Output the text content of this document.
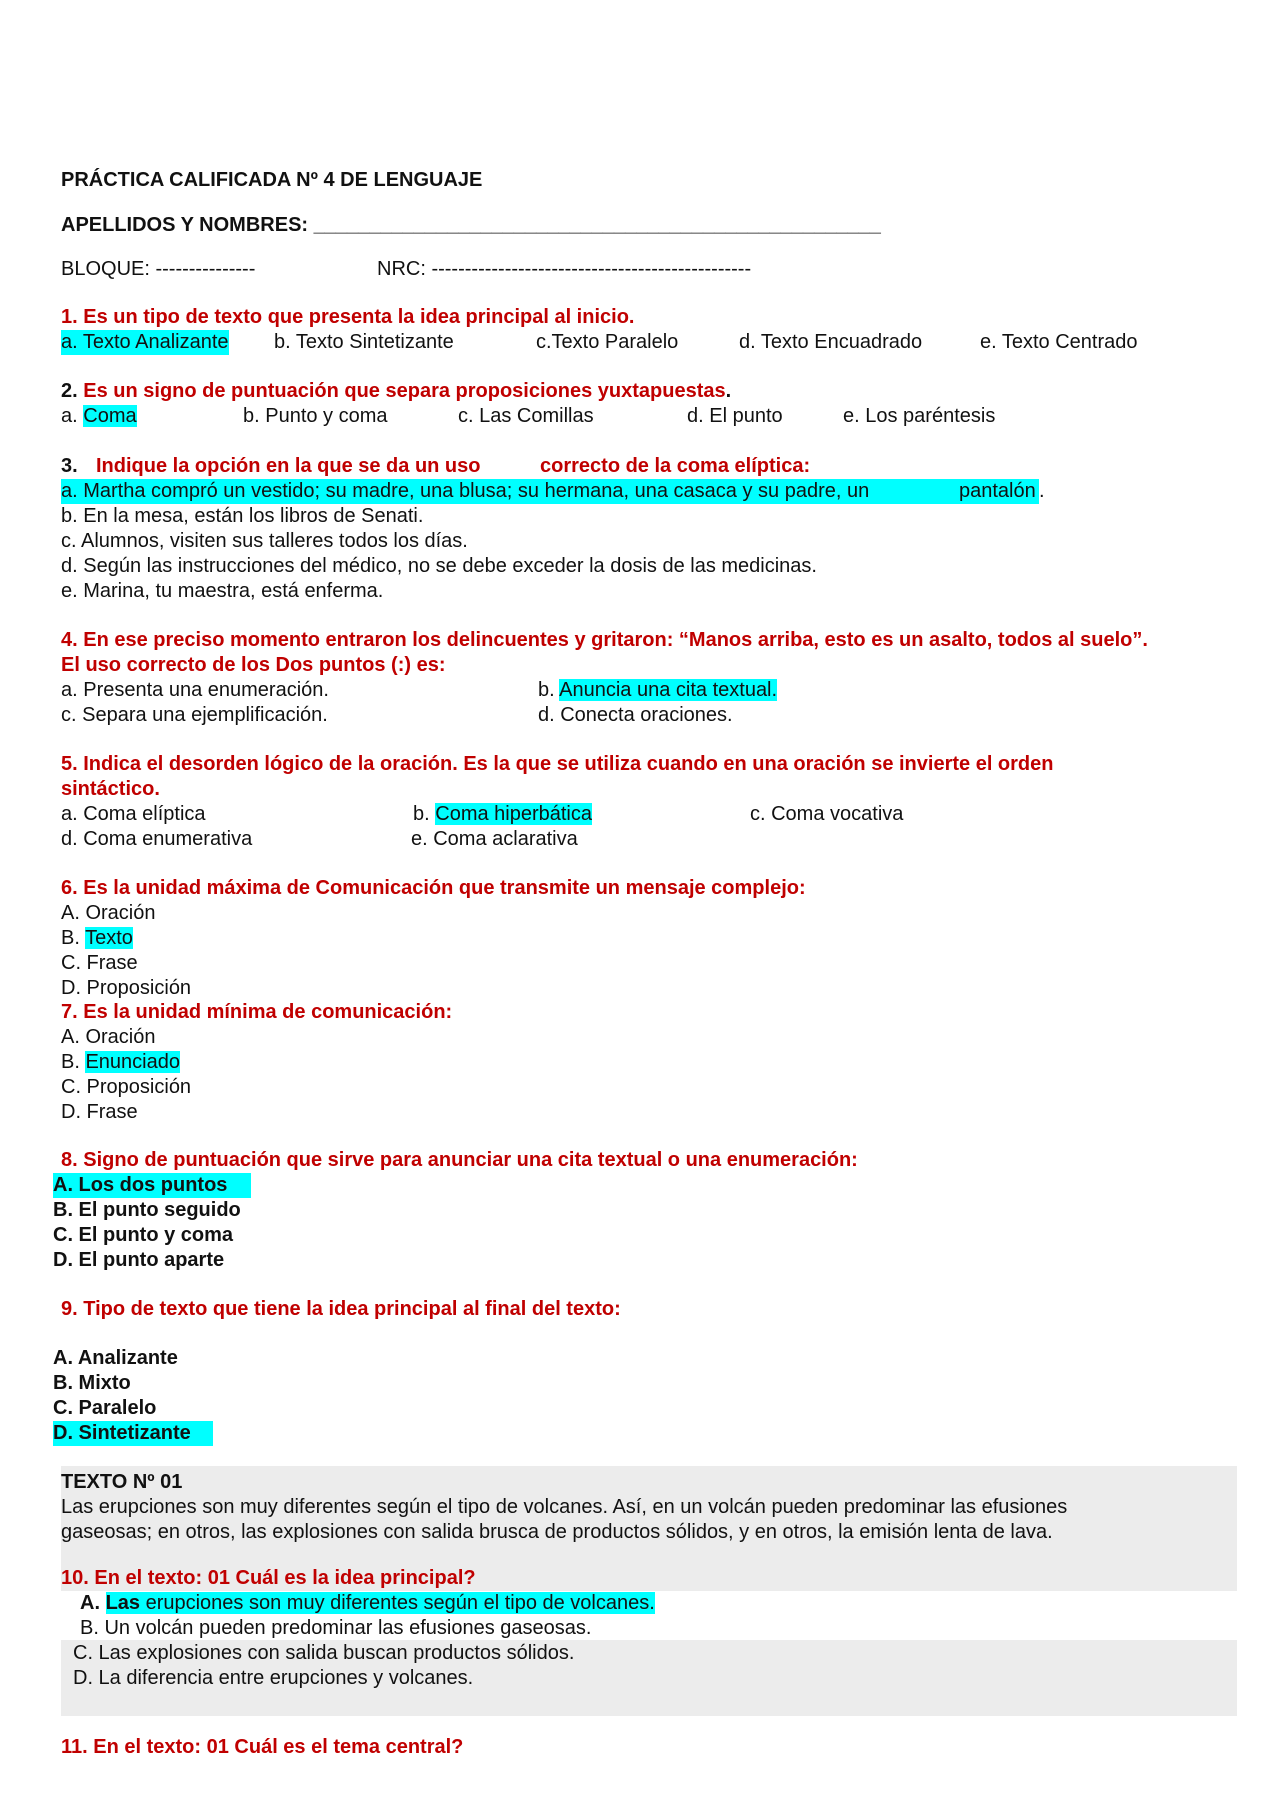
PRÁCTICA CALIFICADA Nº 4 DE LENGUAJE
APELLIDOS Y NOMBRES: ___________________________________________________
BLOQUE: ---------------	NRC: ------------------------------------------------
1. Es un tipo de texto que presenta la idea principal al inicio.
a. Texto Analizante b. Texto Sintetizante	c.Texto Paralelo	d. Texto Encuadrado	e. Texto Centrado
2. Es un signo de puntuación que separa proposiciones yuxtapuestas.
a. Coma	b. Punto y coma	c. Las Comillas	d. El punto	e. Los paréntesis
3. Indique la opción en la que se da un uso	correcto de la coma elíptica:
a. Martha compró un vestido; su madre, una blusa; su hermana, una casaca y su padre, un	pantalón .
b. En la mesa, están los libros de Senati.
c. Alumnos, visiten sus talleres todos los días.
d. Según las instrucciones del médico, no se debe exceder la dosis de las medicinas.
e. Marina, tu maestra, está enferma.
4. En ese preciso momento entraron los delincuentes y gritaron: “Manos arriba, esto es un asalto, todos al suelo”.
El uso correcto de los Dos puntos (:) es:
a. Presenta una enumeración.	b. Anuncia una cita textual.
c. Separa una ejemplificación.	d. Conecta oraciones.
5. Indica el desorden lógico de la oración. Es la que se utiliza cuando en una oración se invierte el orden
sintáctico.
a. Coma elíptica	b. Coma hiperbática	c. Coma vocativa
d. Coma enumerativa	e. Coma aclarativa
6. Es la unidad máxima de Comunicación que transmite un mensaje complejo:
A. Oración
B. Texto
C. Frase
D. Proposición
7. Es la unidad mínima de comunicación:
A. Oración
B. Enunciado
C. Proposición
D. Frase
8. Signo de puntuación que sirve para anunciar una cita textual o una enumeración:
A. Los dos puntos
B. El punto seguido
C. El punto y coma
D. El punto aparte
9. Tipo de texto que tiene la idea principal al final del texto:
A. Analizante
B. Mixto
C. Paralelo
D. Sintetizante
TEXTO Nº 01
Las erupciones son muy diferentes según el tipo de volcanes. Así, en un volcán pueden predominar las efusiones
gaseosas; en otros, las explosiones con salida brusca de productos sólidos, y en otros, la emisión lenta de lava.
10. En el texto: 01 Cuál es la idea principal?
A. Las erupciones son muy diferentes según el tipo de volcanes.
B. Un volcán pueden predominar las efusiones gaseosas.
C. Las explosiones con salida buscan productos sólidos.
D. La diferencia entre erupciones y volcanes.
11. En el texto: 01 Cuál es el tema central?
